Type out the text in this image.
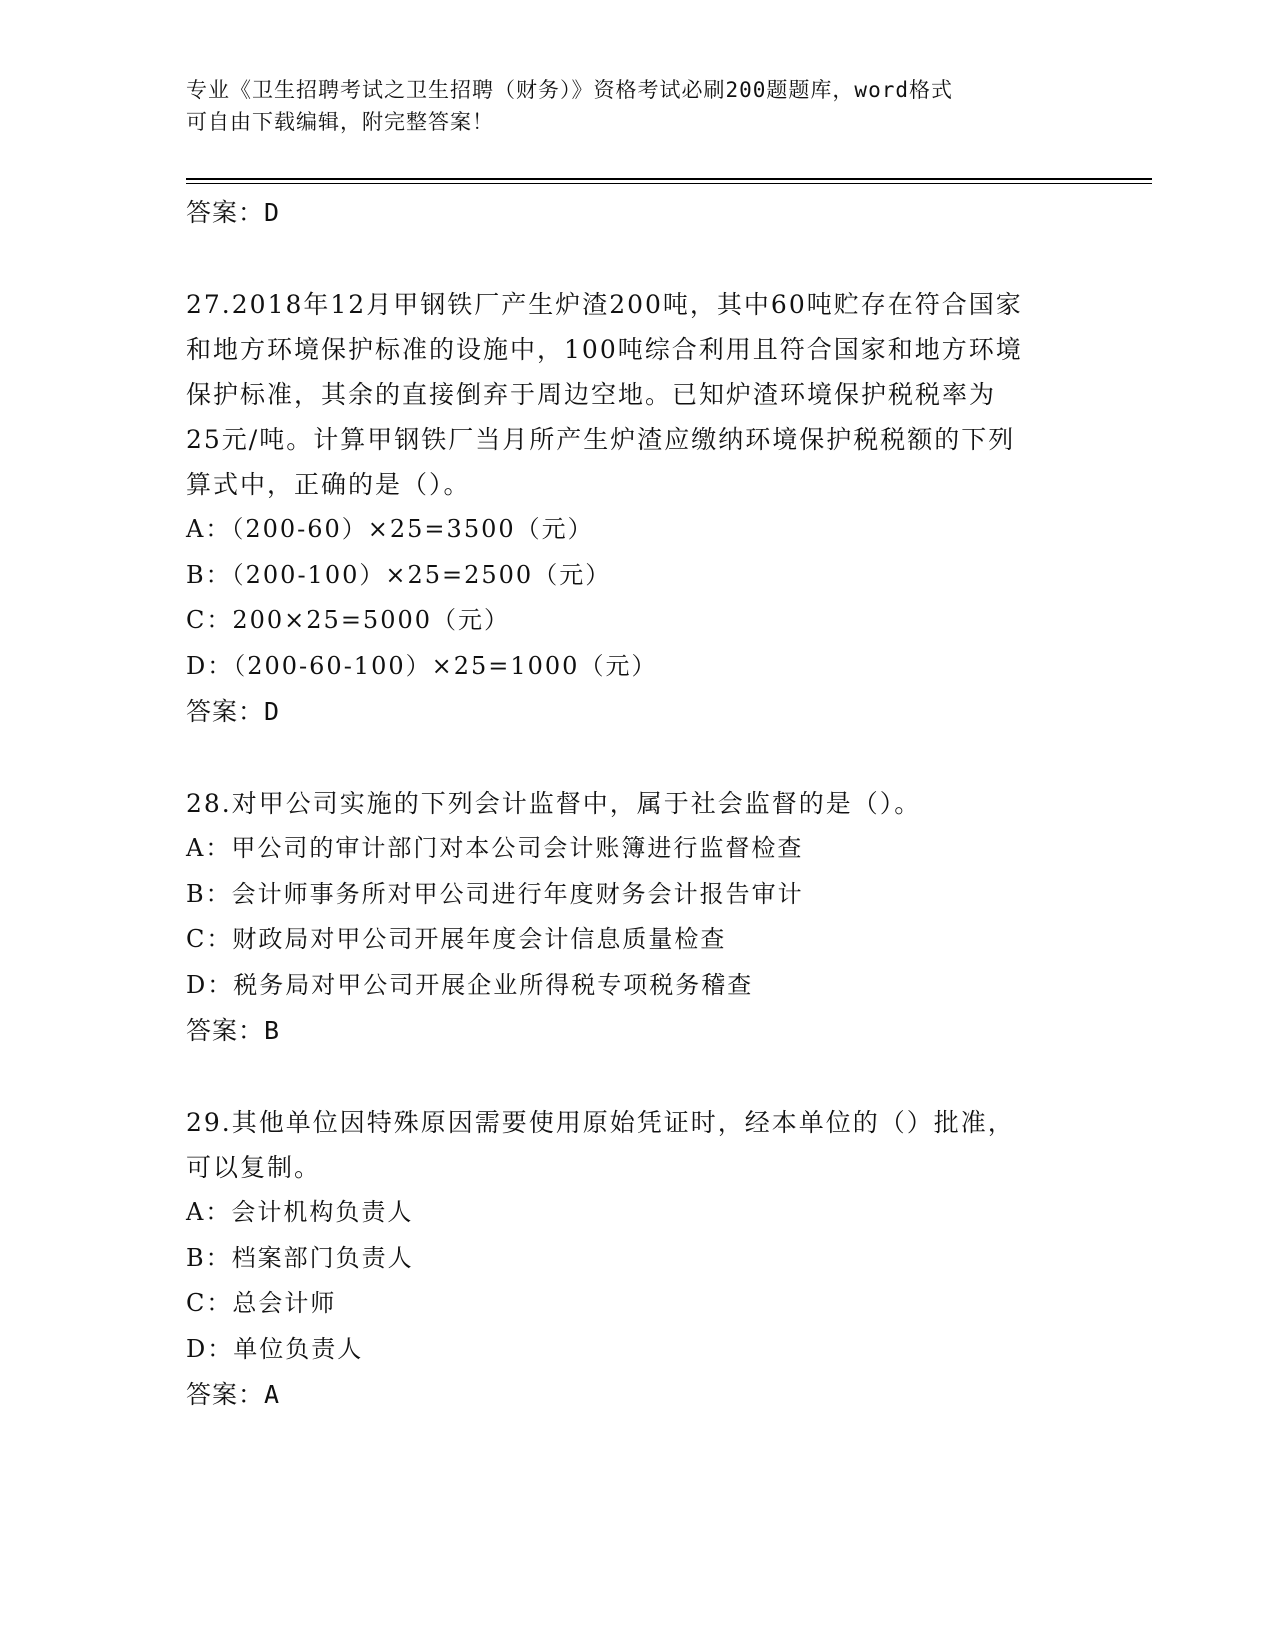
专业《卫生招聘考试之卫生招聘（财务）》资格考试必刷200题题库，word格式
可自由下载编辑，附完整答案！
答案：D
27.2018年12月甲钢铁厂产生炉渣200吨，其中60吨贮存在符合国家
和地方环境保护标准的设施中，100吨综合利用且符合国家和地方环境
保护标准，其余的直接倒弃于周边空地。已知炉渣环境保护税税率为
25元/吨。计算甲钢铁厂当月所产生炉渣应缴纳环境保护税税额的下列
算式中，正确的是（）。
A：（200-60）×25=3500（元）
B：（200-100）×25=2500（元）
C：200×25=5000（元）
D：（200-60-100）×25=1000（元）
答案：D
28.对甲公司实施的下列会计监督中，属于社会监督的是（）。
A：甲公司的审计部门对本公司会计账簿进行监督检查
B：会计师事务所对甲公司进行年度财务会计报告审计
C：财政局对甲公司开展年度会计信息质量检查
D：税务局对甲公司开展企业所得税专项税务稽查
答案：B
29.其他单位因特殊原因需要使用原始凭证时，经本单位的（）批准，
可以复制。
A：会计机构负责人
B：档案部门负责人
C：总会计师
D：单位负责人
答案：A
